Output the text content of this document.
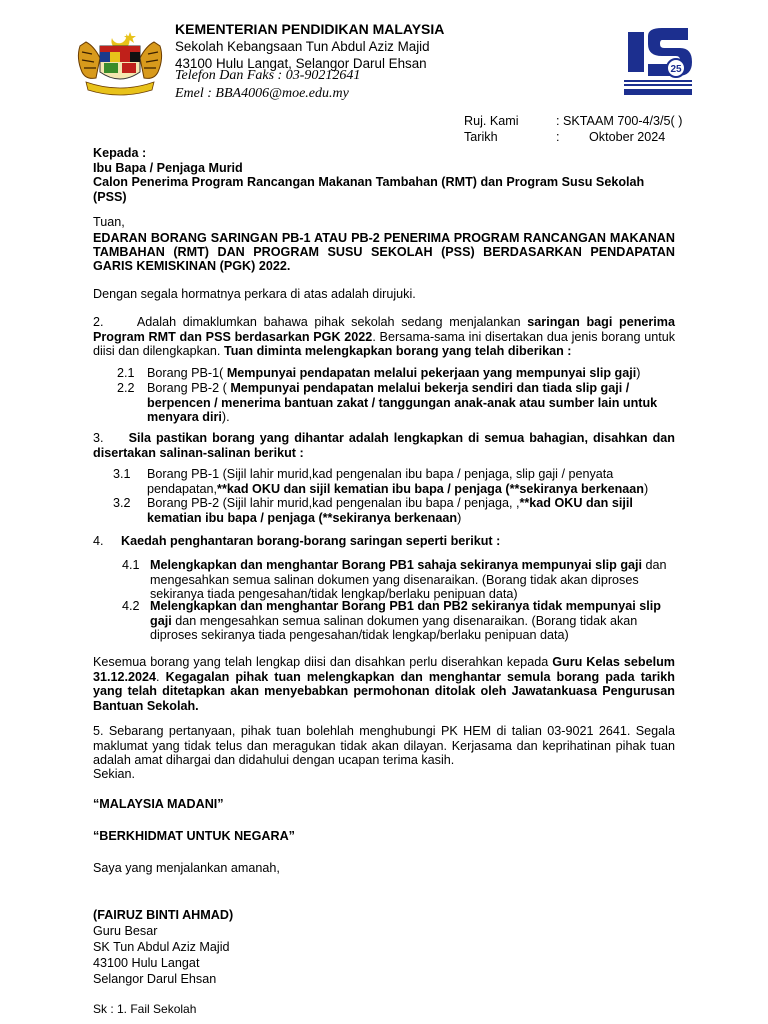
KEMENTERIAN PENDIDIKAN MALAYSIA
Sekolah Kebangsaan Tun Abdul Aziz Majid
43100 Hulu Langat, Selangor Darul Ehsan
Telefon Dan Faks : 03-90212641
Emel : BBA4006@moe.edu.my
25
Ruj. Kami	: SKTAAM 700-4/3/5( )
Tarikh	: Oktober 2024
Kepada :
Ibu Bapa / Penjaga Murid
Calon Penerima Program Rancangan Makanan Tambahan (RMT) dan Program Susu Sekolah (PSS)
Tuan,
EDARAN BORANG SARINGAN PB-1 ATAU PB-2 PENERIMA PROGRAM RANCANGAN MAKANAN TAMBAHAN (RMT) DAN PROGRAM SUSU SEKOLAH (PSS) BERDASARKAN PENDAPATAN GARIS KEMISKINAN (PGK) 2022.
Dengan segala hormatnya perkara di atas adalah dirujuki.
2.	Adalah dimaklumkan bahawa pihak sekolah sedang menjalankan saringan bagi penerima Program RMT dan PSS berdasarkan PGK 2022. Bersama-sama ini disertakan dua jenis borang untuk diisi dan dilengkapkan. Tuan diminta melengkapkan borang yang telah diberikan :
2.1 Borang PB-1( Mempunyai pendapatan melalui pekerjaan yang mempunyai slip gaji)
2.2 Borang PB-2 ( Mempunyai pendapatan melalui bekerja sendiri dan tiada slip gaji / berpencen / menerima bantuan zakat / tanggungan anak-anak atau sumber lain untuk menyara diri).
3. Sila pastikan borang yang dihantar adalah lengkapkan di semua bahagian, disahkan dan disertakan salinan-salinan berikut :
3.1 Borang PB-1 (Sijil lahir murid,kad pengenalan ibu bapa / penjaga, slip gaji / penyata pendapatan,**kad OKU dan sijil kematian ibu bapa / penjaga (**sekiranya berkenaan)
3.2 Borang PB-2 (Sijil lahir murid,kad pengenalan ibu bapa / penjaga, ,**kad OKU dan sijil kematian ibu bapa / penjaga (**sekiranya berkenaan)
4. Kaedah penghantaran borang-borang saringan seperti berikut :
4.1 Melengkapkan dan menghantar Borang PB1 sahaja sekiranya mempunyai slip gaji dan mengesahkan semua salinan dokumen yang disenaraikan. (Borang tidak akan diproses sekiranya tiada pengesahan/tidak lengkap/berlaku penipuan data)
4.2 Melengkapkan dan menghantar Borang PB1 dan PB2 sekiranya tidak mempunyai slip gaji dan mengesahkan semua salinan dokumen yang disenaraikan. (Borang tidak akan diproses sekiranya tiada pengesahan/tidak lengkap/berlaku penipuan data)
Kesemua borang yang telah lengkap diisi dan disahkan perlu diserahkan kepada Guru Kelas sebelum 31.12.2024. Kegagalan pihak tuan melengkapkan dan menghantar semula borang pada tarikh yang telah ditetapkan akan menyebabkan permohonan ditolak oleh Jawatankuasa Pengurusan Bantuan Sekolah.
5. Sebarang pertanyaan, pihak tuan bolehlah menghubungi PK HEM di talian 03-9021 2641. Segala maklumat yang tidak telus dan meragukan tidak akan dilayan. Kerjasama dan keprihatinan pihak tuan adalah amat dihargai dan didahului dengan ucapan terima kasih.
Sekian.
“MALAYSIA MADANI”
“BERKHIDMAT UNTUK NEGARA”
Saya yang menjalankan amanah,
(FAIRUZ BINTI AHMAD)
Guru Besar
SK Tun Abdul Aziz Majid
43100 Hulu Langat
Selangor Darul Ehsan
Sk : 1. Fail Sekolah
